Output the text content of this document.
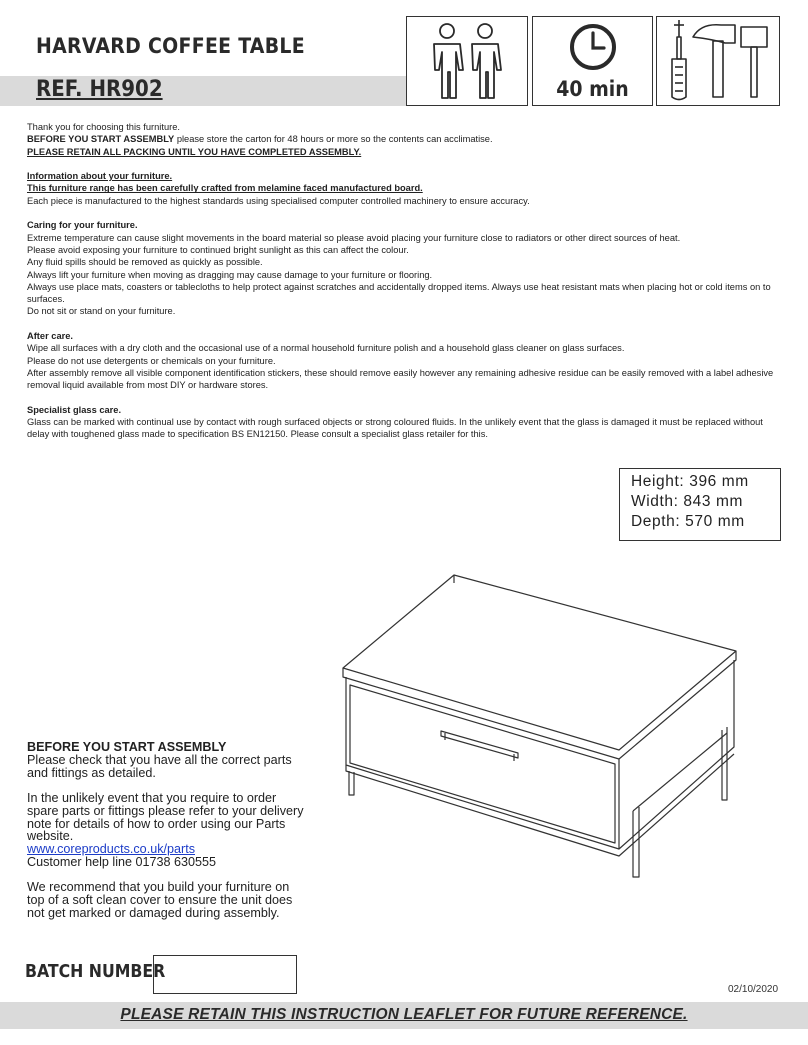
HARVARD COFFEE TABLE
REF. HR902	40 min

Thank you for choosing this furniture.

BEFORE YOU START ASSEMBLY please store the carton for 48 hours or more so the contents can acclimatise.

PLEASE RETAIN ALL PACKING UNTIL YOU HAVE COMPLETED ASSEMBLY.

Information about your furniture.

This furniture range has been carefully crafted from melamine faced manufactured board.

Each piece is manufactured to the highest standards using specialised computer controlled machinery to ensure accuracy.

Caring for your furniture.

Extreme temperature can cause slight movements in the board material so please avoid placing your furniture close to radiators or other direct sources of heat.

Please avoid exposing your furniture to continued bright sunlight as this can affect the colour.

Any fluid spills should be removed as quickly as possible.

Always lift your furniture when moving as dragging may cause damage to your furniture or flooring.

Always use place mats, coasters or tablecloths to help protect against scratches and accidentally dropped items. Always use heat resistant mats when placing hot or cold items on to surfaces.

Do not sit or stand on your furniture.

After care.

Wipe all surfaces with a dry cloth and the occasional use of a normal household furniture polish and a household glass cleaner on glass surfaces.

Please do not use detergents or chemicals on your furniture.

After assembly remove all visible component identification stickers, these should remove easily however any remaining adhesive residue can be easily removed with a label adhesive removal liquid available from most DIY or hardware stores.

Specialist glass care.

Glass can be marked with continual use by contact with rough surfaced objects or strong coloured fluids. In the unlikely event that the glass is damaged it must be replaced without delay with toughened glass made to specification BS EN12150. Please consult a specialist glass retailer for this.

Height: 396 mm
Width: 843 mm
Depth: 570 mm

BEFORE YOU START ASSEMBLY

Please check that you have all the correct parts and fittings as detailed.

In the unlikely event that you require to order spare parts or fittings please refer to your delivery note for details of how to order using our Parts website.

www.coreproducts.co.uk/parts

Customer help line 01738 630555

We recommend that you build your furniture on top of a soft clean cover to ensure the unit does not get marked or damaged during assembly.

BATCH NUMBER
02/10/2020
PLEASE RETAIN THIS INSTRUCTION LEAFLET FOR FUTURE REFERENCE.
